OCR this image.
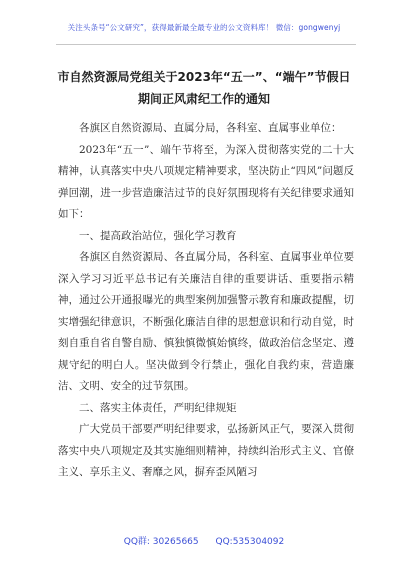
关注头条号“公文研究”，获得最新最全最专业的公文资料库！ 微信：gongwenyj
市自然资源局党组关于2023年“五一”、“端午”节假日
期间正风肃纪工作的通知

各旗区自然资源局、直属分局，各科室、直属事业单位：

2023年“五一”、端午节将至，为深入贯彻落实党的二十大精神，认真落实中央八项规定精神要求，坚决防止“四风”问题反弹回潮，进一步营造廉洁过节的良好氛围现将有关纪律要求通知如下：

一、提高政治站位，强化学习教育

各旗区自然资源局、各直属分局，各科室、直属事业单位要深入学习习近平总书记有关廉洁自律的重要讲话、重要指示精神，通过公开通报曝光的典型案例加强警示教育和廉政提醒，切实增强纪律意识，不断强化廉洁自律的思想意识和行动自觉，时刻自重自省自警自励、慎独慎微慎始慎终，做政治信念坚定、遵规守纪的明白人。坚决做到令行禁止，强化自我约束，营造廉洁、文明、安全的过节氛围。

二、落实主体责任，严明纪律规矩

广大党员干部要严明纪律要求，弘扬新风正气，要深入贯彻落实中央八项规定及其实施细则精神，持续纠治形式主义、官僚主义、享乐主义、奢靡之风，摒弃歪风陋习

QQ群: 30265665 QQ:535304092
